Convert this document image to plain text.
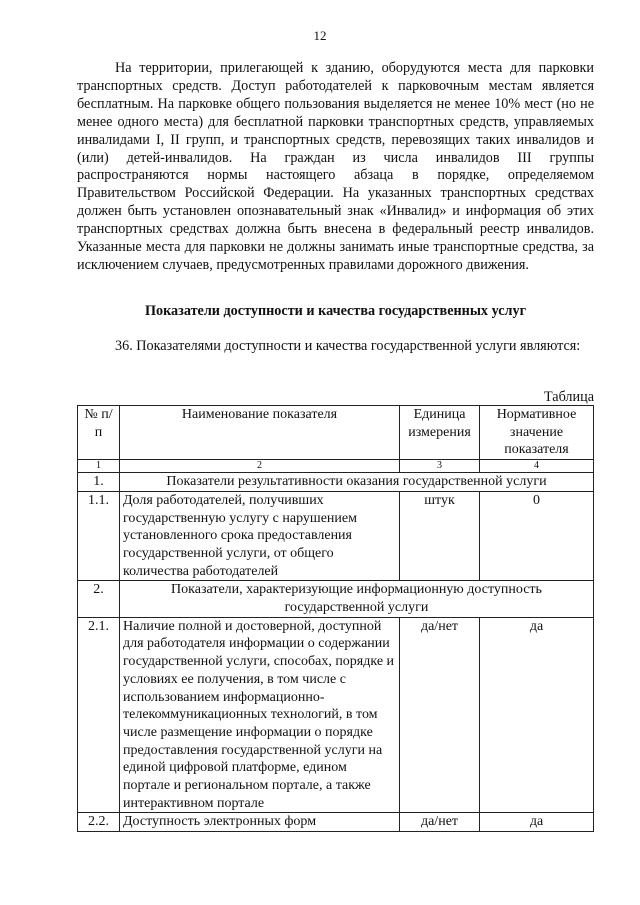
12

На территории, прилегающей к зданию, оборудуются места для парковки транспортных средств. Доступ работодателей к парковочным местам является бесплатным. На парковке общего пользования выделяется не менее 10% мест (но не менее одного места) для бесплатной парковки транспортных средств, управляемых инвалидами I, II групп, и транспортных средств, перевозящих таких инвалидов и (или) детей-инвалидов. На граждан из числа инвалидов III группы распространяются нормы настоящего абзаца в порядке, определяемом Правительством Российской Федерации. На указанных транспортных средствах должен быть установлен опознавательный знак «Инвалид» и информация об этих транспортных средствах должна быть внесена в федеральный реестр инвалидов. Указанные места для парковки не должны занимать иные транспортные средства, за исключением случаев, предусмотренных правилами дорожного движения.

Показатели доступности и качества государственных услуг

36. Показателями доступности и качества государственной услуги являются:

Таблица
№ п/п	Наименование показателя	Единица измерения	Нормативное значение показателя
1	2	3	4
1.	Показатели результативности оказания государственной услуги		
1.1.	Доля работодателей, получивших государственную услугу с нарушением установленного срока предоставления государственной услуги, от общего количества работодателей	штук	0
2.	Показатели, характеризующие информационную доступность государственной услуги		
2.1.	Наличие полной и достоверной, доступной для работодателя информации о содержании государственной услуги, способах, порядке и условиях ее получения, в том числе с использованием информационно-телекоммуникационных технологий, в том числе размещение информации о порядке предоставления государственной услуги на единой цифровой платформе, едином портале и региональном портале, а также интерактивном портале	да/нет	да
2.2.	Доступность электронных форм	да/нет	да
